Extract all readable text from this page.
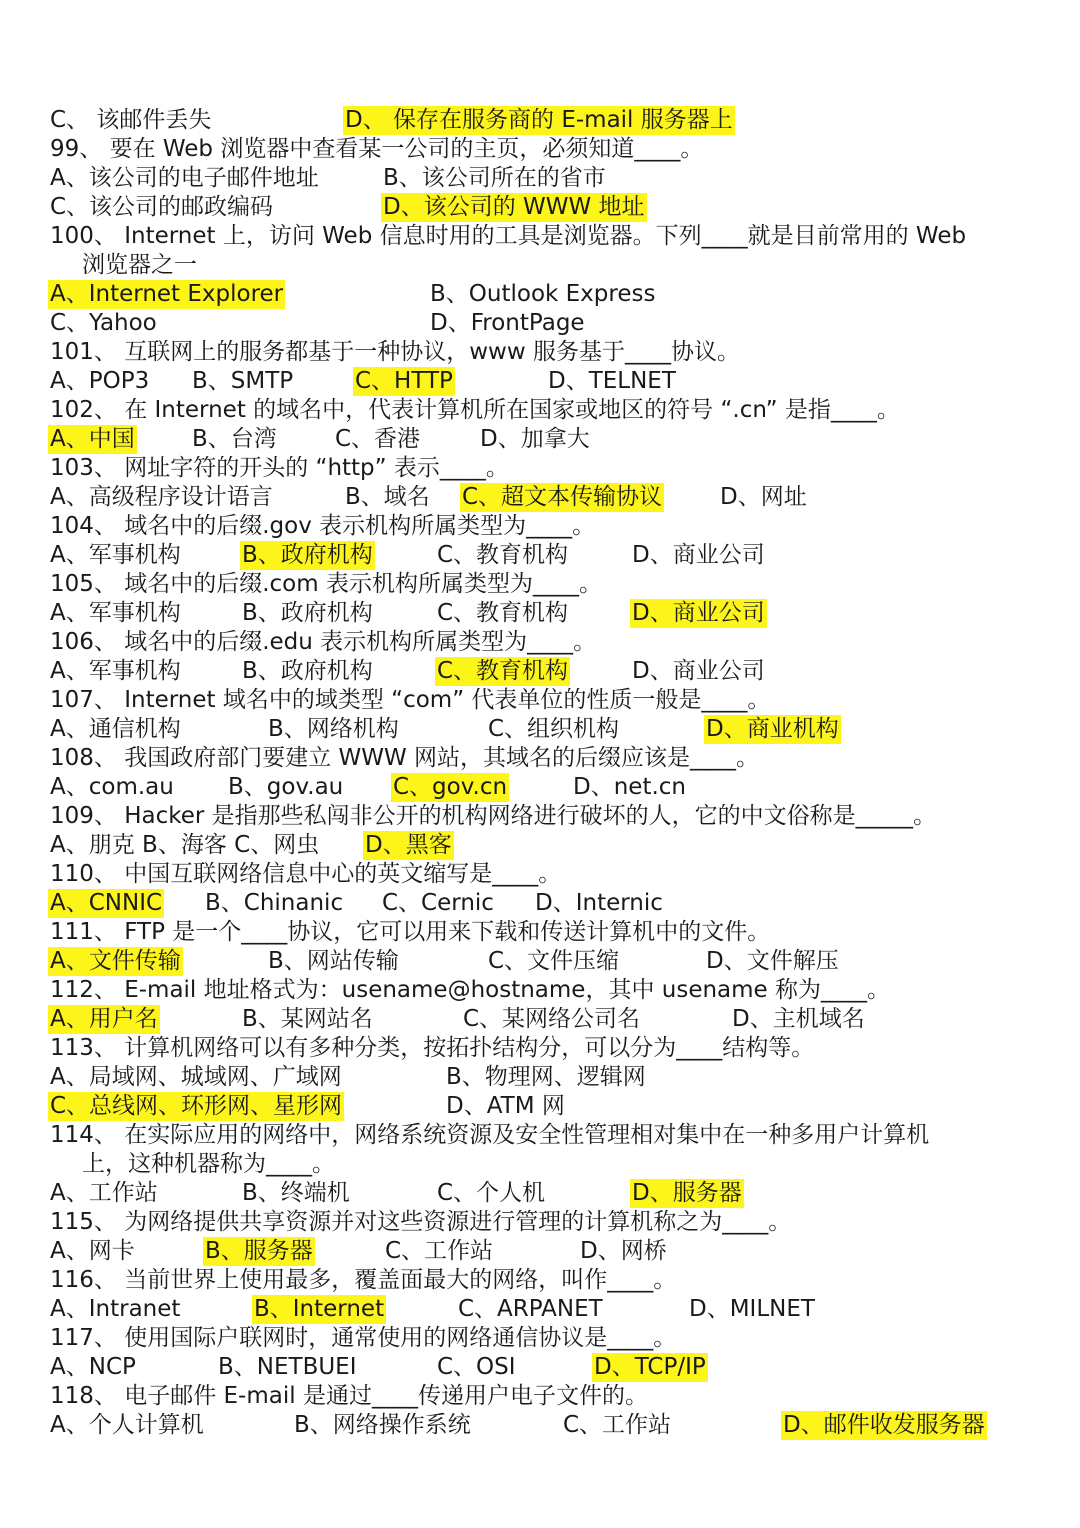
C、 该邮件丢失	D、 保存在服务商的 E-mail 服务器上
99、 要在 Web 浏览器中查看某一公司的主页，必须知道____。
A、该公司的电子邮件地址	B、该公司所在的省市
C、该公司的邮政编码	D、该公司的 WWW 地址
100、 Internet 上，访问 Web 信息时用的工具是浏览器。下列____就是目前常用的 Web
浏览器之一
A、Internet Explorer	B、Outlook Express
C、Yahoo	D、FrontPage
101、 互联网上的服务都基于一种协议，www 服务基于____协议。
A、POP3 B、SMTP	C、HTTP	D、TELNET
102、 在 Internet 的域名中，代表计算机所在国家或地区的符号 “.cn” 是指____。
A、中国 B、台湾	C、香港	D、加拿大
103、 网址字符的开头的 “http” 表示____。
A、高级程序设计语言	B、域名 C、超文本传输协议	D、网址
104、 域名中的后缀.gov 表示机构所属类型为____。
A、军事机构	B、政府机构	C、教育机构	D、商业公司
105、 域名中的后缀.com 表示机构所属类型为____。
A、军事机构	B、政府机构	C、教育机构	D、商业公司
106、 域名中的后缀.edu 表示机构所属类型为____。
A、军事机构	B、政府机构	C、教育机构	D、商业公司
107、 Internet 域名中的域类型 “com” 代表单位的性质一般是____。
A、通信机构	B、网络机构	C、组织机构	D、商业机构
108、 我国政府部门要建立 WWW 网站，其域名的后缀应该是____。
A、com.au B、gov.au C、gov.cn	D、net.cn
109、 Hacker 是指那些私闯非公开的机构网络进行破坏的人，它的中文俗称是_____。
A、朋克 B、海客 C、网虫 D、黑客
110、 中国互联网络信息中心的英文缩写是____。
A、CNNIC B、Chinanic C、Cernic D、Internic
111、 FTP 是一个____协议，它可以用来下载和传送计算机中的文件。
A、文件传输	B、网站传输	C、文件压缩	D、文件解压
112、 E-mail 地址格式为：usename@hostname，其中 usename 称为____。
A、用户名	B、某网站名	C、某网络公司名	D、主机域名
113、 计算机网络可以有多种分类，按拓扑结构分，可以分为____结构等。
A、局域网、城域网、广域网	B、物理网、逻辑网
C、总线网、环形网、星形网	D、ATM 网
114、 在实际应用的网络中，网络系统资源及安全性管理相对集中在一种多用户计算机
上，这种机器称为____。
A、工作站	B、终端机	C、个人机	D、服务器
115、 为网络提供共享资源并对这些资源进行管理的计算机称之为____。
A、网卡	B、服务器	C、工作站	D、网桥
116、 当前世界上使用最多，覆盖面最大的网络，叫作____。
A、Intranet	B、Internet	C、ARPANET	D、MILNET
117、 使用国际户联网时，通常使用的网络通信协议是____。
A、NCP	B、NETBUEI	C、OSI	D、TCP/IP
118、 电子邮件 E-mail 是通过____传递用户电子文件的。
A、个人计算机	B、网络操作系统	C、工作站	D、邮件收发服务器
